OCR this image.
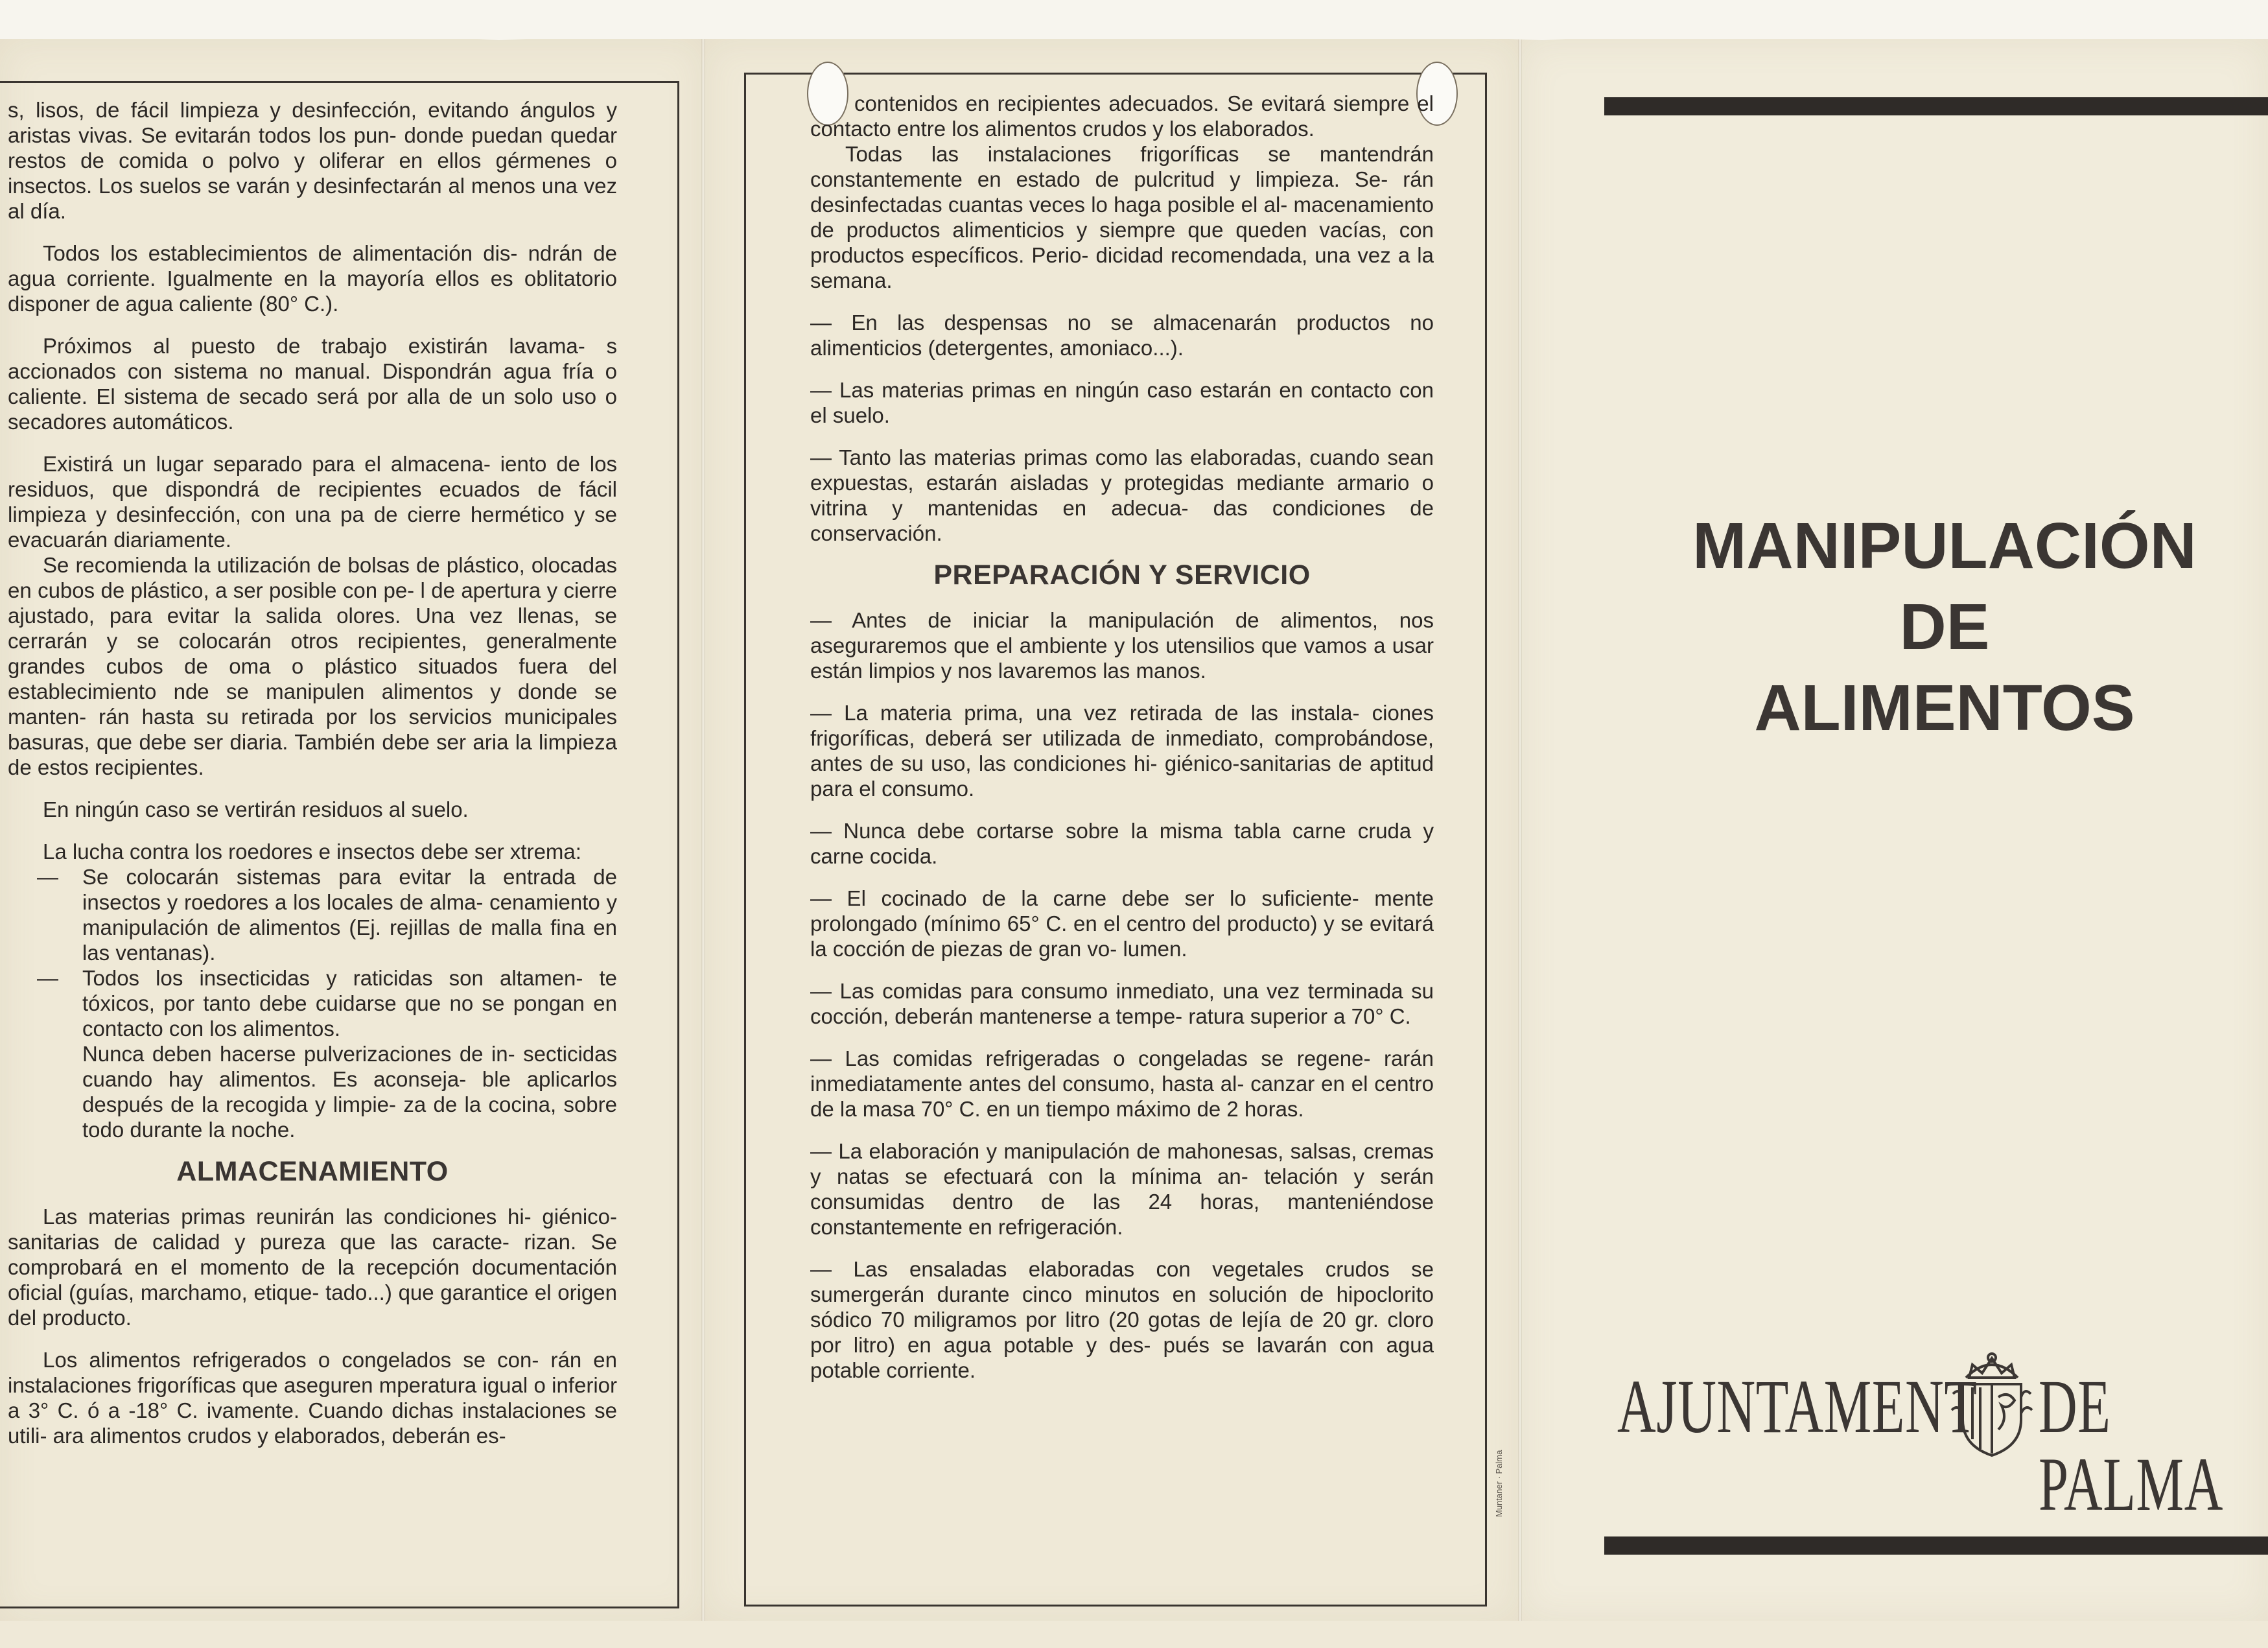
s, lisos, de fácil limpieza y desinfección, evitando ángulos y aristas vivas. Se evitarán todos los pun- donde puedan quedar restos de comida o polvo y oliferar en ellos gérmenes o insectos. Los suelos se varán y desinfectarán al menos una vez al día.

Todos los establecimientos de alimentación dis- ndrán de agua corriente. Igualmente en la mayoría ellos es oblitatorio disponer de agua caliente (80° C.).

Próximos al puesto de trabajo existirán lavama- s accionados con sistema no manual. Dispondrán agua fría o caliente. El sistema de secado será por alla de un solo uso o secadores automáticos.

Existirá un lugar separado para el almacena- iento de los residuos, que dispondrá de recipientes ecuados de fácil limpieza y desinfección, con una pa de cierre hermético y se evacuarán diariamente.

Se recomienda la utilización de bolsas de plástico, olocadas en cubos de plástico, a ser posible con pe- l de apertura y cierre ajustado, para evitar la salida olores. Una vez llenas, se cerrarán y se colocarán otros recipientes, generalmente grandes cubos de oma o plástico situados fuera del establecimiento nde se manipulen alimentos y donde se manten- rán hasta su retirada por los servicios municipales basuras, que debe ser diaria. También debe ser aria la limpieza de estos recipientes.

En ningún caso se vertirán residuos al suelo.

La lucha contra los roedores e insectos debe ser xtrema:

— Se colocarán sistemas para evitar la entrada de insectos y roedores a los locales de alma- cenamiento y manipulación de alimentos (Ej. rejillas de malla fina en las ventanas).
— Todos los insecticidas y raticidas son altamen- te tóxicos, por tanto debe cuidarse que no se pongan en contacto con los alimentos.

Nunca deben hacerse pulverizaciones de in- secticidas cuando hay alimentos. Es aconseja- ble aplicarlos después de la recogida y limpie- za de la cocina, sobre todo durante la noche.

ALMACENAMIENTO

Las materias primas reunirán las condiciones hi- giénico-sanitarias de calidad y pureza que las caracte- rizan. Se comprobará en el momento de la recepción documentación oficial (guías, marchamo, etique- tado...) que garantice el origen del producto.

Los alimentos refrigerados o congelados se con- rán en instalaciones frigoríficas que aseguren mperatura igual o inferior a 3° C. ó a -18° C. ivamente. Cuando dichas instalaciones se utili- ara alimentos crudos y elaborados, deberán es-

contenidos en recipientes adecuados. Se evitará siempre el contacto entre los alimentos crudos y los elaborados.

Todas las instalaciones frigoríficas se mantendrán constantemente en estado de pulcritud y limpieza. Se- rán desinfectadas cuantas veces lo haga posible el al- macenamiento de productos alimenticios y siempre que queden vacías, con productos específicos. Perio- dicidad recomendada, una vez a la semana.

— En las despensas no se almacenarán productos no alimenticios (detergentes, amoniaco...).

— Las materias primas en ningún caso estarán en contacto con el suelo.

— Tanto las materias primas como las elaboradas, cuando sean expuestas, estarán aisladas y protegidas mediante armario o vitrina y mantenidas en adecua- das condiciones de conservación.

PREPARACIÓN Y SERVICIO

— Antes de iniciar la manipulación de alimentos, nos aseguraremos que el ambiente y los utensilios que vamos a usar están limpios y nos lavaremos las manos.

— La materia prima, una vez retirada de las instala- ciones frigoríficas, deberá ser utilizada de inmediato, comprobándose, antes de su uso, las condiciones hi- giénico-sanitarias de aptitud para el consumo.

— Nunca debe cortarse sobre la misma tabla carne cruda y carne cocida.

— El cocinado de la carne debe ser lo suficiente- mente prolongado (mínimo 65° C. en el centro del producto) y se evitará la cocción de piezas de gran vo- lumen.

— Las comidas para consumo inmediato, una vez terminada su cocción, deberán mantenerse a tempe- ratura superior a 70° C.

— Las comidas refrigeradas o congeladas se regene- rarán inmediatamente antes del consumo, hasta al- canzar en el centro de la masa 70° C. en un tiempo máximo de 2 horas.

— La elaboración y manipulación de mahonesas, salsas, cremas y natas se efectuará con la mínima an- telación y serán consumidas dentro de las 24 horas, manteniéndose constantemente en refrigeración.

— Las ensaladas elaboradas con vegetales crudos se sumergerán durante cinco minutos en solución de hipoclorito sódico 70 miligramos por litro (20 gotas de lejía de 20 gr. cloro por litro) en agua potable y des- pués se lavarán con agua potable corriente.

Muntaner · Palma
MANIPULACIÓN
DE
ALIMENTOS
AJUNTAMENT DE PALMA
